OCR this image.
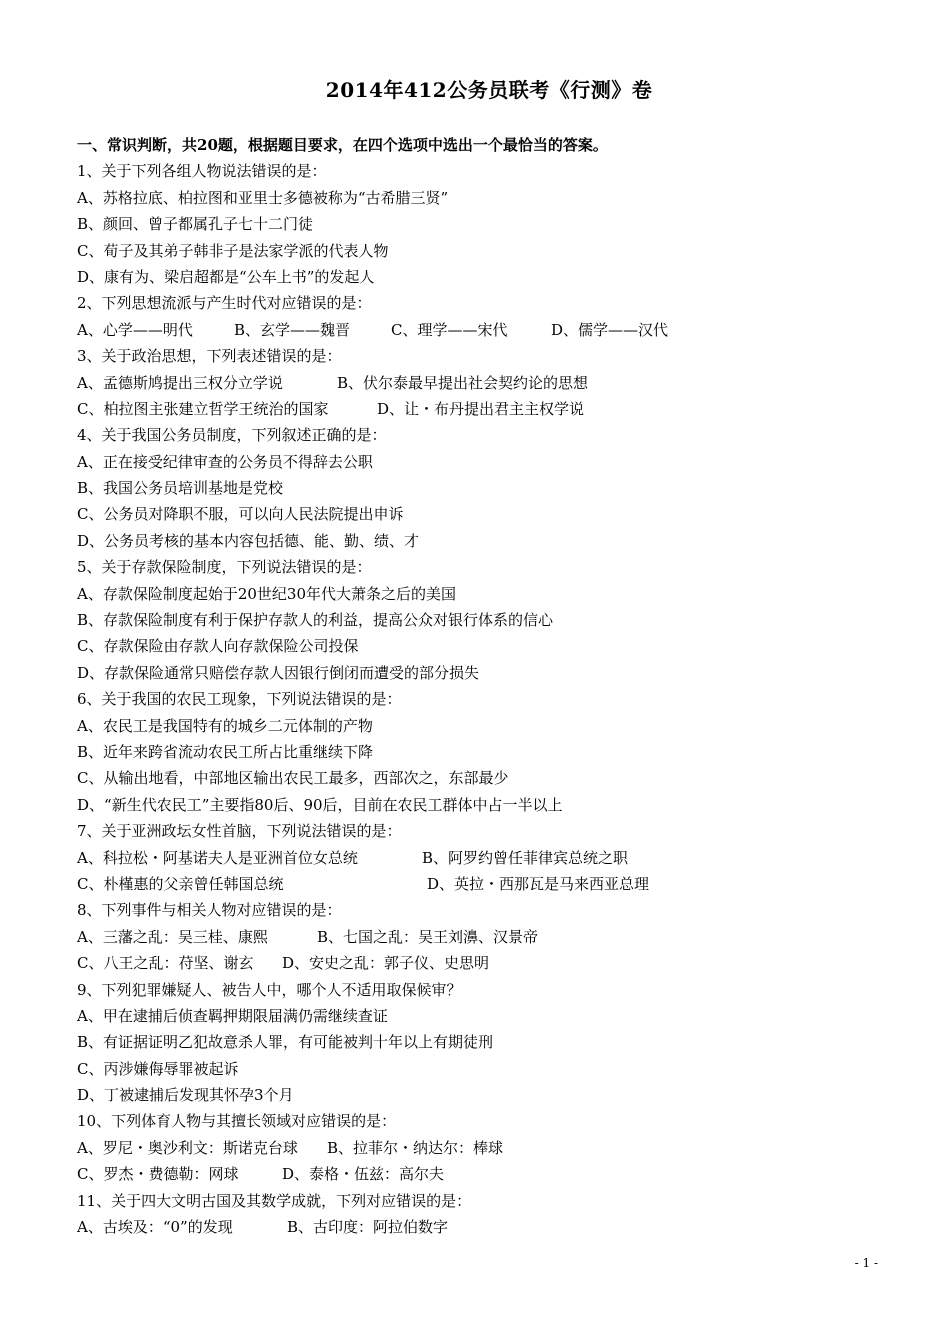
2014年412公务员联考《行测》卷
一、常识判断，共20题，根据题目要求，在四个选项中选出一个最恰当的答案。
1、关于下列各组人物说法错误的是：
A、苏格拉底、柏拉图和亚里士多德被称为“古希腊三贤”
B、颜回、曾子都属孔子七十二门徒
C、荀子及其弟子韩非子是法家学派的代表人物
D、康有为、梁启超都是“公车上书”的发起人
2、下列思想流派与产生时代对应错误的是：
A、心学——明代	B、玄学——魏晋	C、理学——宋代	D、儒学——汉代
3、关于政治思想，下列表述错误的是：
A、孟德斯鸠提出三权分立学说	B、伏尔泰最早提出社会契约论的思想
C、柏拉图主张建立哲学王统治的国家	D、让・布丹提出君主主权学说
4、关于我国公务员制度，下列叙述正确的是：
A、正在接受纪律审查的公务员不得辞去公职
B、我国公务员培训基地是党校
C、公务员对降职不服，可以向人民法院提出申诉
D、公务员考核的基本内容包括德、能、勤、绩、才
5、关于存款保险制度，下列说法错误的是：
A、存款保险制度起始于20世纪30年代大萧条之后的美国
B、存款保险制度有利于保护存款人的利益，提高公众对银行体系的信心
C、存款保险由存款人向存款保险公司投保
D、存款保险通常只赔偿存款人因银行倒闭而遭受的部分损失
6、关于我国的农民工现象，下列说法错误的是：
A、农民工是我国特有的城乡二元体制的产物
B、近年来跨省流动农民工所占比重继续下降
C、从输出地看，中部地区输出农民工最多，西部次之，东部最少
D、“新生代农民工”主要指80后、90后，目前在农民工群体中占一半以上
7、关于亚洲政坛女性首脑，下列说法错误的是：
A、科拉松・阿基诺夫人是亚洲首位女总统	B、阿罗约曾任菲律宾总统之职
C、朴槿惠的父亲曾任韩国总统	D、英拉・西那瓦是马来西亚总理
8、下列事件与相关人物对应错误的是：
A、三藩之乱：吴三桂、康熙	B、七国之乱：吴王刘濞、汉景帝
C、八王之乱：苻坚、谢玄 D、安史之乱：郭子仪、史思明
9、下列犯罪嫌疑人、被告人中，哪个人不适用取保候审？
A、甲在逮捕后侦查羁押期限届满仍需继续查证
B、有证据证明乙犯故意杀人罪，有可能被判十年以上有期徒刑
C、丙涉嫌侮辱罪被起诉
D、丁被逮捕后发现其怀孕3个月
10、下列体育人物与其擅长领域对应错误的是：
A、罗尼・奥沙利文：斯诺克台球 B、拉菲尔・纳达尔：棒球
C、罗杰・费德勒：网球	D、泰格・伍兹：高尔夫
11、关于四大文明古国及其数学成就，下列对应错误的是：
A、古埃及：“0”的发现	B、古印度：阿拉伯数字
- 1 -
